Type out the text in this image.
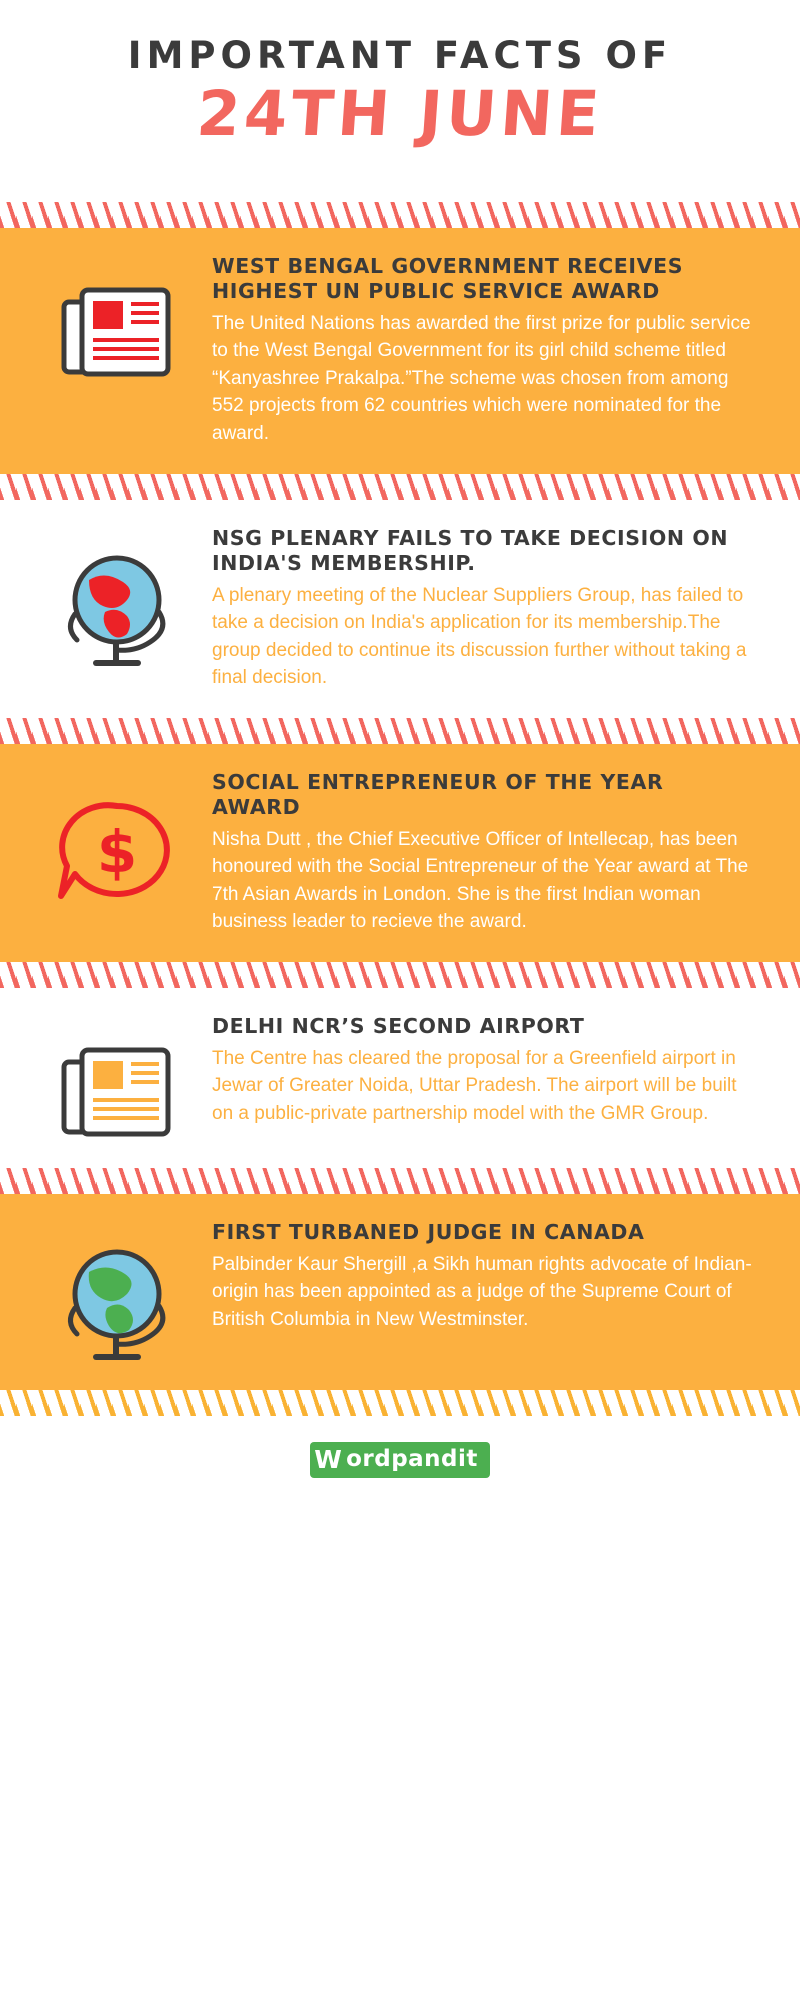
IMPORTANT FACTS OF
24TH JUNE
WEST BENGAL GOVERNMENT RECEIVES HIGHEST UN PUBLIC SERVICE AWARD

The United Nations has awarded the first prize for public service to the West Bengal Government for its girl child scheme titled “Kanyashree Prakalpa.”The scheme was chosen from among 552 projects from 62 countries which were nominated for the award.

NSG PLENARY FAILS TO TAKE DECISION ON INDIA'S MEMBERSHIP.

A plenary meeting of the Nuclear Suppliers Group, has failed to take a decision on India's application for its membership.The group decided to continue its discussion further without taking a final decision.

$
SOCIAL ENTREPRENEUR OF THE YEAR AWARD

Nisha Dutt , the Chief Executive Officer of Intellecap, has been honoured with the Social Entrepreneur of the Year award at The 7th Asian Awards in London. She is the first Indian woman business leader to recieve the award.

DELHI NCR’S SECOND AIRPORT

The Centre has cleared the proposal for a Greenfield airport in Jewar of Greater Noida, Uttar Pradesh. The airport will be built on a public-private partnership model with the GMR Group.

FIRST TURBANED JUDGE IN CANADA

Palbinder Kaur Shergill ,a Sikh human rights advocate of Indian-origin has been appointed as a judge of the Supreme Court of British Columbia in New Westminster.

W ordpandit
